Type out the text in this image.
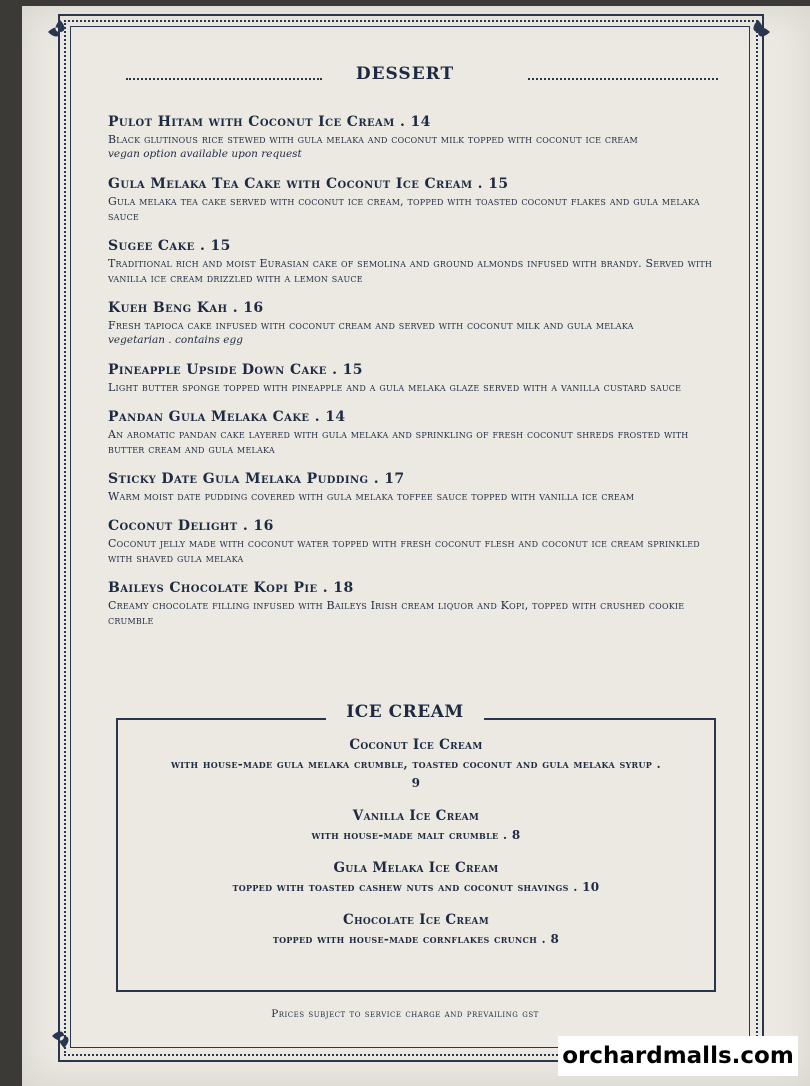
DESSERT
Pulot Hitam with Coconut Ice Cream . 14
Black glutinous rice stewed with gula melaka and coconut milk topped with coconut ice cream
vegan option available upon request
Gula Melaka Tea Cake with Coconut Ice Cream . 15
Gula melaka tea cake served with coconut ice cream, topped with toasted coconut flakes and gula melaka sauce
Sugee Cake . 15
Traditional rich and moist Eurasian cake of semolina and ground almonds infused with brandy. Served with vanilla ice cream drizzled with a lemon sauce
Kueh Beng Kah . 16
Fresh tapioca cake infused with coconut cream and served with coconut milk and gula melaka
vegetarian . contains egg
Pineapple Upside Down Cake . 15
Light butter sponge topped with pineapple and a gula melaka glaze served with a vanilla custard sauce
Pandan Gula Melaka Cake . 14
An aromatic pandan cake layered with gula melaka and sprinkling of fresh coconut shreds frosted with butter cream and gula melaka
Sticky Date Gula Melaka Pudding . 17
Warm moist date pudding covered with gula melaka toffee sauce topped with vanilla ice cream
Coconut Delight . 16
Coconut jelly made with coconut water topped with fresh coconut flesh and coconut ice cream sprinkled with shaved gula melaka
Baileys Chocolate Kopi Pie . 18
Creamy chocolate filling infused with Baileys Irish cream liquor and Kopi, topped with crushed cookie crumble
ICE CREAM
Coconut Ice Cream
with house-made gula melaka crumble, toasted coconut and gula melaka syrup . 9
Vanilla Ice Cream
with house-made malt crumble . 8
Gula Melaka Ice Cream
topped with toasted cashew nuts and coconut shavings . 10
Chocolate Ice Cream
topped with house-made cornflakes crunch . 8
Prices subject to service charge and prevailing gst
orchardmalls.com
